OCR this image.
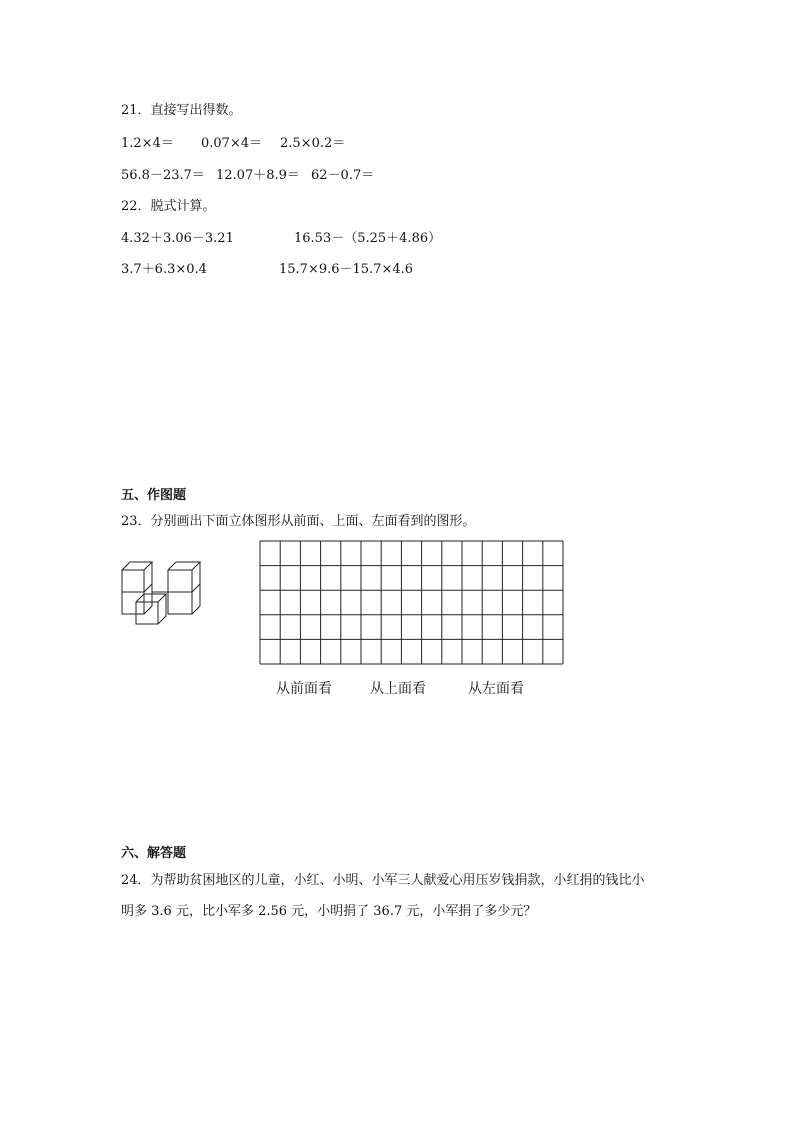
21．直接写出得数。
1.2×4＝ 0.07×4＝ 2.5×0.2＝
56.8－23.7＝ 12.07＋8.9＝ 62－0.7＝
22．脱式计算。
4.32＋3.06－3.21	16.53－（5.25＋4.86）
3.7＋6.3×0.4	15.7×9.6－15.7×4.6
五、作图题
23．分别画出下面立体图形从前面、上面、左面看到的图形。
从前面看	从上面看	从左面看
六、解答题
24．为帮助贫困地区的儿童，小红、小明、小军三人献爱心用压岁钱捐款，小红捐的钱比小
明多 3.6 元，比小军多 2.56 元，小明捐了 36.7 元，小军捐了多少元？
